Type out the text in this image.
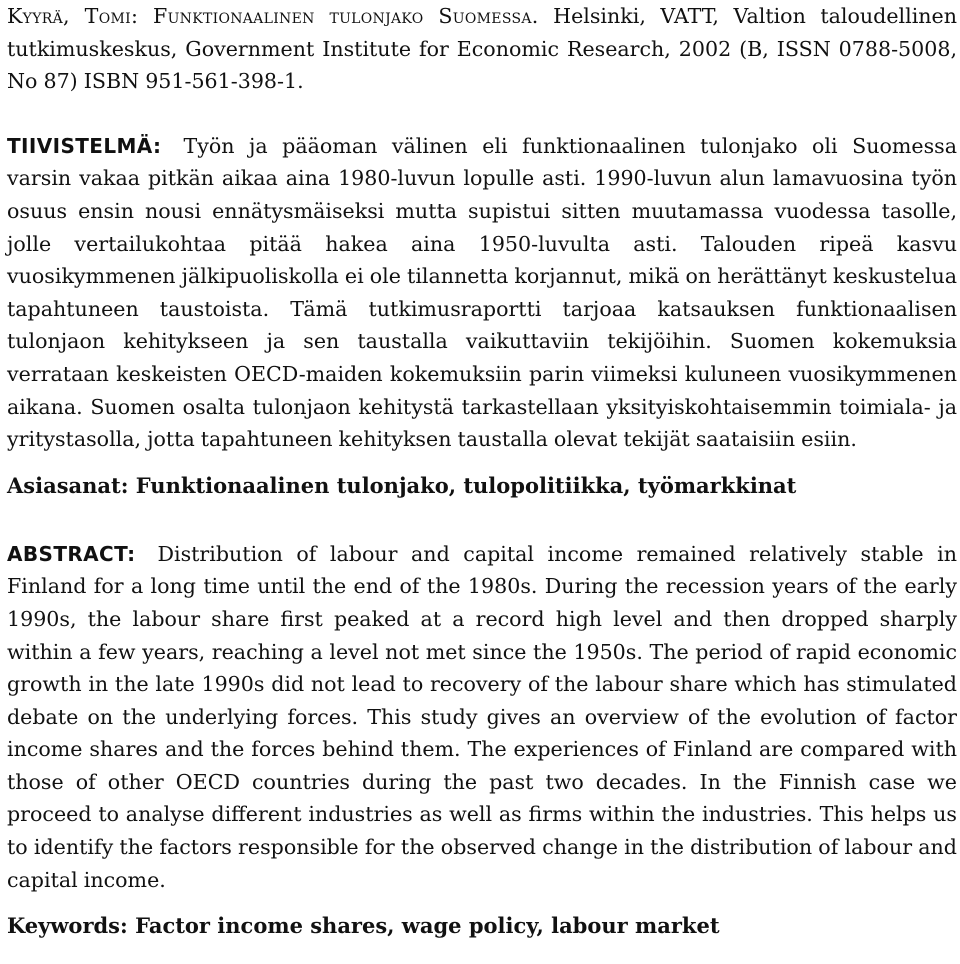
Kyyrä, Tomi: Funktionaalinen tulonjako Suomessa. Helsinki, VATT, Valtion taloudellinen tutkimuskeskus, Government Institute for Economic Research, 2002 (B, ISSN 0788-5008, No 87) ISBN 951-561-398-1.

TIIVISTELMÄ: Työn ja pääoman välinen eli funktionaalinen tulonjako oli Suomessa varsin vakaa pitkän aikaa aina 1980-luvun lopulle asti. 1990-luvun alun lamavuosina työn osuus ensin nousi ennätysmäiseksi mutta supistui sitten muutamassa vuodessa tasolle, jolle vertailukohtaa pitää hakea aina 1950-luvulta asti. Talouden ripeä kasvu vuosikymmenen jälkipuoliskolla ei ole tilannetta korjannut, mikä on herättänyt keskustelua tapahtuneen taustoista. Tämä tutkimusraportti tarjoaa katsauksen funktionaalisen tulonjaon kehitykseen ja sen taustalla vaikuttaviin tekijöihin. Suomen kokemuksia verrataan keskeisten OECD-maiden kokemuksiin parin viimeksi kuluneen vuosikymmenen aikana. Suomen osalta tulonjaon kehitystä tarkastellaan yksityiskohtaisemmin toimiala- ja yritystasolla, jotta tapahtuneen kehityksen taustalla olevat tekijät saataisiin esiin.

Asiasanat: Funktionaalinen tulonjako, tulopolitiikka, työmarkkinat

ABSTRACT: Distribution of labour and capital income remained relatively stable in Finland for a long time until the end of the 1980s. During the recession years of the early 1990s, the labour share first peaked at a record high level and then dropped sharply within a few years, reaching a level not met since the 1950s. The period of rapid economic growth in the late 1990s did not lead to recovery of the labour share which has stimulated debate on the underlying forces. This study gives an overview of the evolution of factor income shares and the forces behind them. The experiences of Finland are compared with those of other OECD countries during the past two decades. In the Finnish case we proceed to analyse different industries as well as firms within the industries. This helps us to identify the factors responsible for the observed change in the distribution of labour and capital income.

Keywords: Factor income shares, wage policy, labour market
